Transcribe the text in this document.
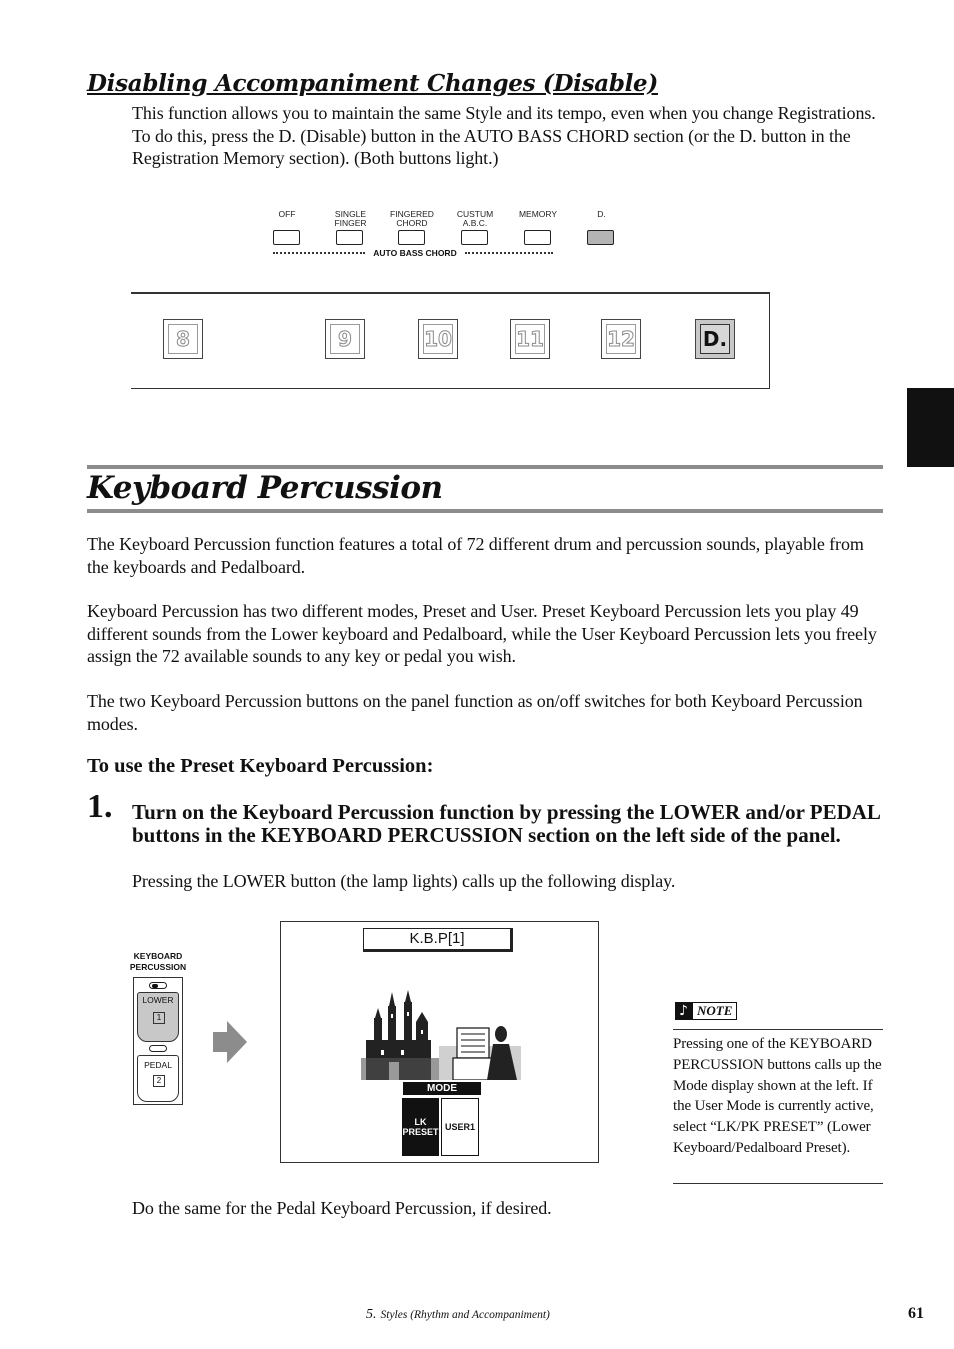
Disabling Accompaniment Changes (Disable)
This function allows you to maintain the same Style and its tempo, even when you change Registrations. To do this, press the D. (Disable) button in the AUTO BASS CHORD section (or the D. button in the Registration Memory section). (Both buttons light.)
OFF	SINGLE
FINGER
FINGERED
CHORD
CUSTUM
A.B.C.
MEMORY	D.
AUTO BASS CHORD
8	9	10	11	12	D.
Keyboard Percussion
The Keyboard Percussion function features a total of 72 different drum and percussion sounds, playable from the keyboards and Pedalboard.
Keyboard Percussion has two different modes, Preset and User. Preset Keyboard Percussion lets you play 49 different sounds from the Lower keyboard and Pedalboard, while the User Keyboard Percussion lets you freely assign the 72 available sounds to any key or pedal you wish.
The two Keyboard Percussion buttons on the panel function as on/off switches for both Keyboard Percussion modes.
To use the Preset Keyboard Percussion:
1. Turn on the Keyboard Percussion function by pressing the LOWER and/or PEDAL buttons in the KEYBOARD PERCUSSION section on the left side of the panel.
Pressing the LOWER button (the lamp lights) calls up the following display.
KEYBOARD
PERCUSSION
LOWER
1
PEDAL
2
K.B.P[1]
MODE
LK
PRESET USER1
♪ NOTE
Pressing one of the KEYBOARD PERCUSSION buttons calls up the Mode display shown at the left. If the User Mode is currently active, select “LK/PK PRESET” (Lower Keyboard/Pedalboard Preset).
Do the same for the Pedal Keyboard Percussion, if desired.
5. Styles (Rhythm and Accompaniment)	61
